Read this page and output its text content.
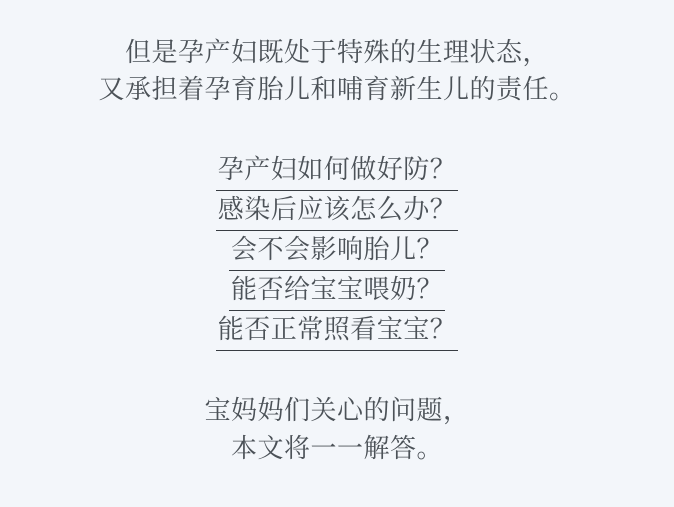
但是孕产妇既处于特殊的生理状态，
又承担着孕育胎儿和哺育新生儿的责任。
孕产妇如何做好防？
感染后应该怎么办？
会不会影响胎儿？
能否给宝宝喂奶？
能否正常照看宝宝？
宝妈妈们关心的问题，
本文将一一解答。
